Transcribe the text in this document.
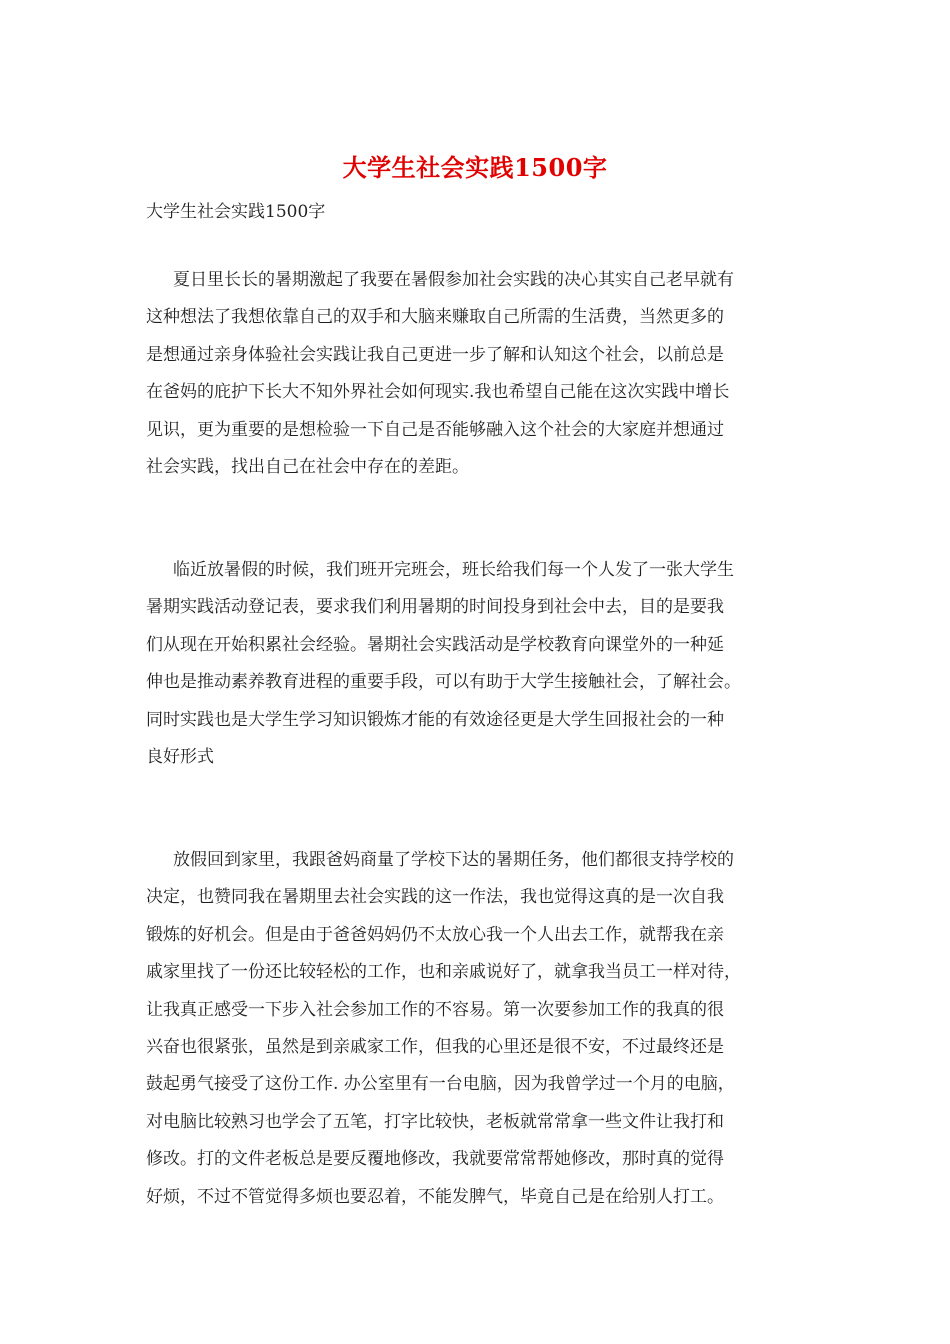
大学生社会实践1500字
大学生社会实践1500字
夏日里长长的暑期激起了我要在暑假参加社会实践的决心其实自己老早就有
这种想法了我想依靠自己的双手和大脑来赚取自己所需的生活费，当然更多的
是想通过亲身体验社会实践让我自己更进一步了解和认知这个社会，以前总是
在爸妈的庇护下长大不知外界社会如何现实.我也希望自己能在这次实践中增长
见识，更为重要的是想检验一下自己是否能够融入这个社会的大家庭并想通过
社会实践，找出自己在社会中存在的差距。
临近放暑假的时候，我们班开完班会，班长给我们每一个人发了一张大学生
暑期实践活动登记表，要求我们利用暑期的时间投身到社会中去，目的是要我
们从现在开始积累社会经验。暑期社会实践活动是学校教育向课堂外的一种延
伸也是推动素养教育进程的重要手段，可以有助于大学生接触社会，了解社会。
同时实践也是大学生学习知识锻炼才能的有效途径更是大学生回报社会的一种
良好形式
放假回到家里，我跟爸妈商量了学校下达的暑期任务，他们都很支持学校的
决定，也赞同我在暑期里去社会实践的这一作法，我也觉得这真的是一次自我
锻炼的好机会。但是由于爸爸妈妈仍不太放心我一个人出去工作，就帮我在亲
戚家里找了一份还比较轻松的工作，也和亲戚说好了，就拿我当员工一样对待，
让我真正感受一下步入社会参加工作的不容易。第一次要参加工作的我真的很
兴奋也很紧张，虽然是到亲戚家工作，但我的心里还是很不安，不过最终还是
鼓起勇气接受了这份工作. 办公室里有一台电脑，因为我曾学过一个月的电脑，
对电脑比较熟习也学会了五笔，打字比较快，老板就常常拿一些文件让我打和
修改。打的文件老板总是要反覆地修改，我就要常常帮她修改，那时真的觉得
好烦，不过不管觉得多烦也要忍着，不能发脾气，毕竟自己是在给别人打工。
